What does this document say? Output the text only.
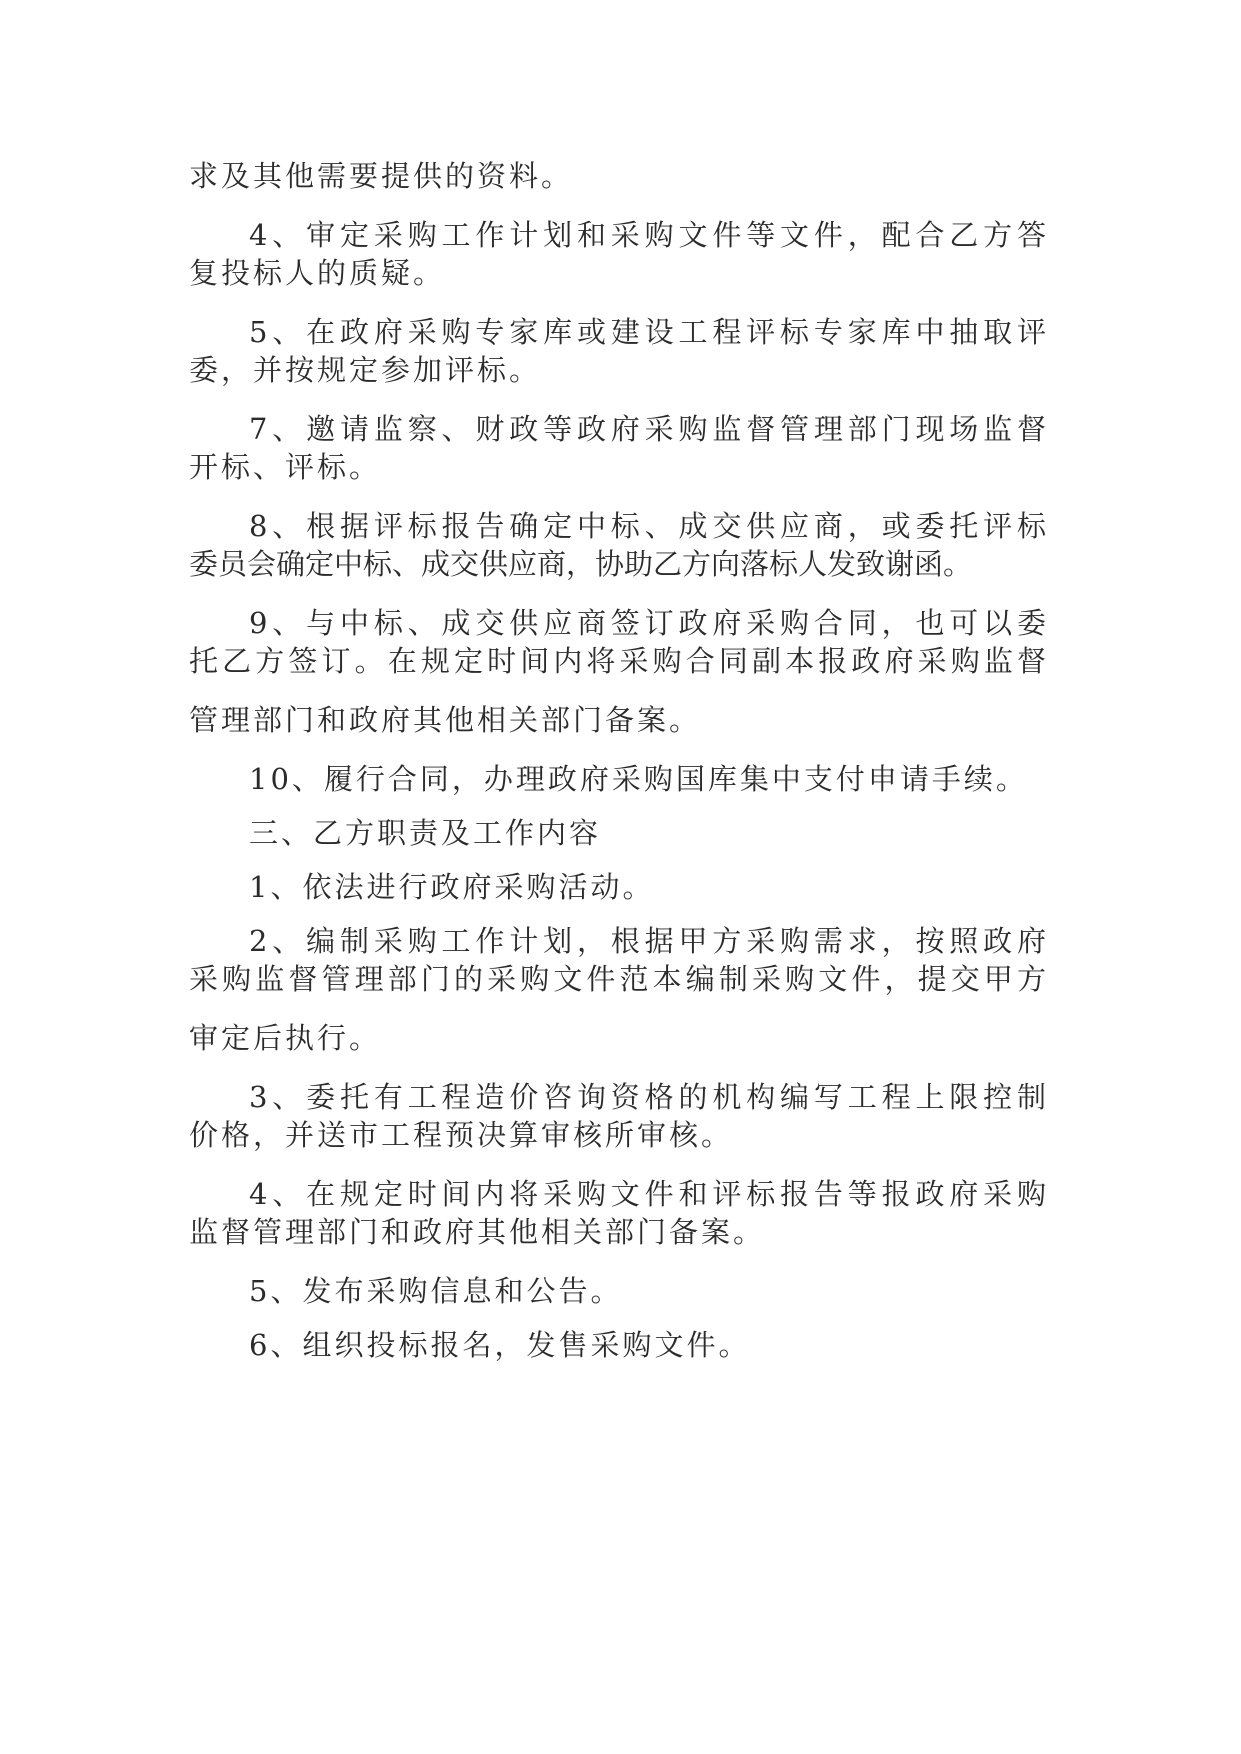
求及其他需要提供的资料。
4、审定采购工作计划和采购文件等文件，配合乙方答
复投标人的质疑。
5、在政府采购专家库或建设工程评标专家库中抽取评
委，并按规定参加评标。
7、邀请监察、财政等政府采购监督管理部门现场监督
开标、评标。
8、根据评标报告确定中标、成交供应商，或委托评标
委员会确定中标、成交供应商，协助乙方向落标人发致谢函。
9、与中标、成交供应商签订政府采购合同，也可以委
托乙方签订。在规定时间内将采购合同副本报政府采购监督
管理部门和政府其他相关部门备案。
10、履行合同，办理政府采购国库集中支付申请手续。
三、乙方职责及工作内容
1、依法进行政府采购活动。
2、编制采购工作计划，根据甲方采购需求，按照政府
采购监督管理部门的采购文件范本编制采购文件，提交甲方
审定后执行。
3、委托有工程造价咨询资格的机构编写工程上限控制
价格，并送市工程预决算审核所审核。
4、在规定时间内将采购文件和评标报告等报政府采购
监督管理部门和政府其他相关部门备案。
5、发布采购信息和公告。
6、组织投标报名，发售采购文件。
